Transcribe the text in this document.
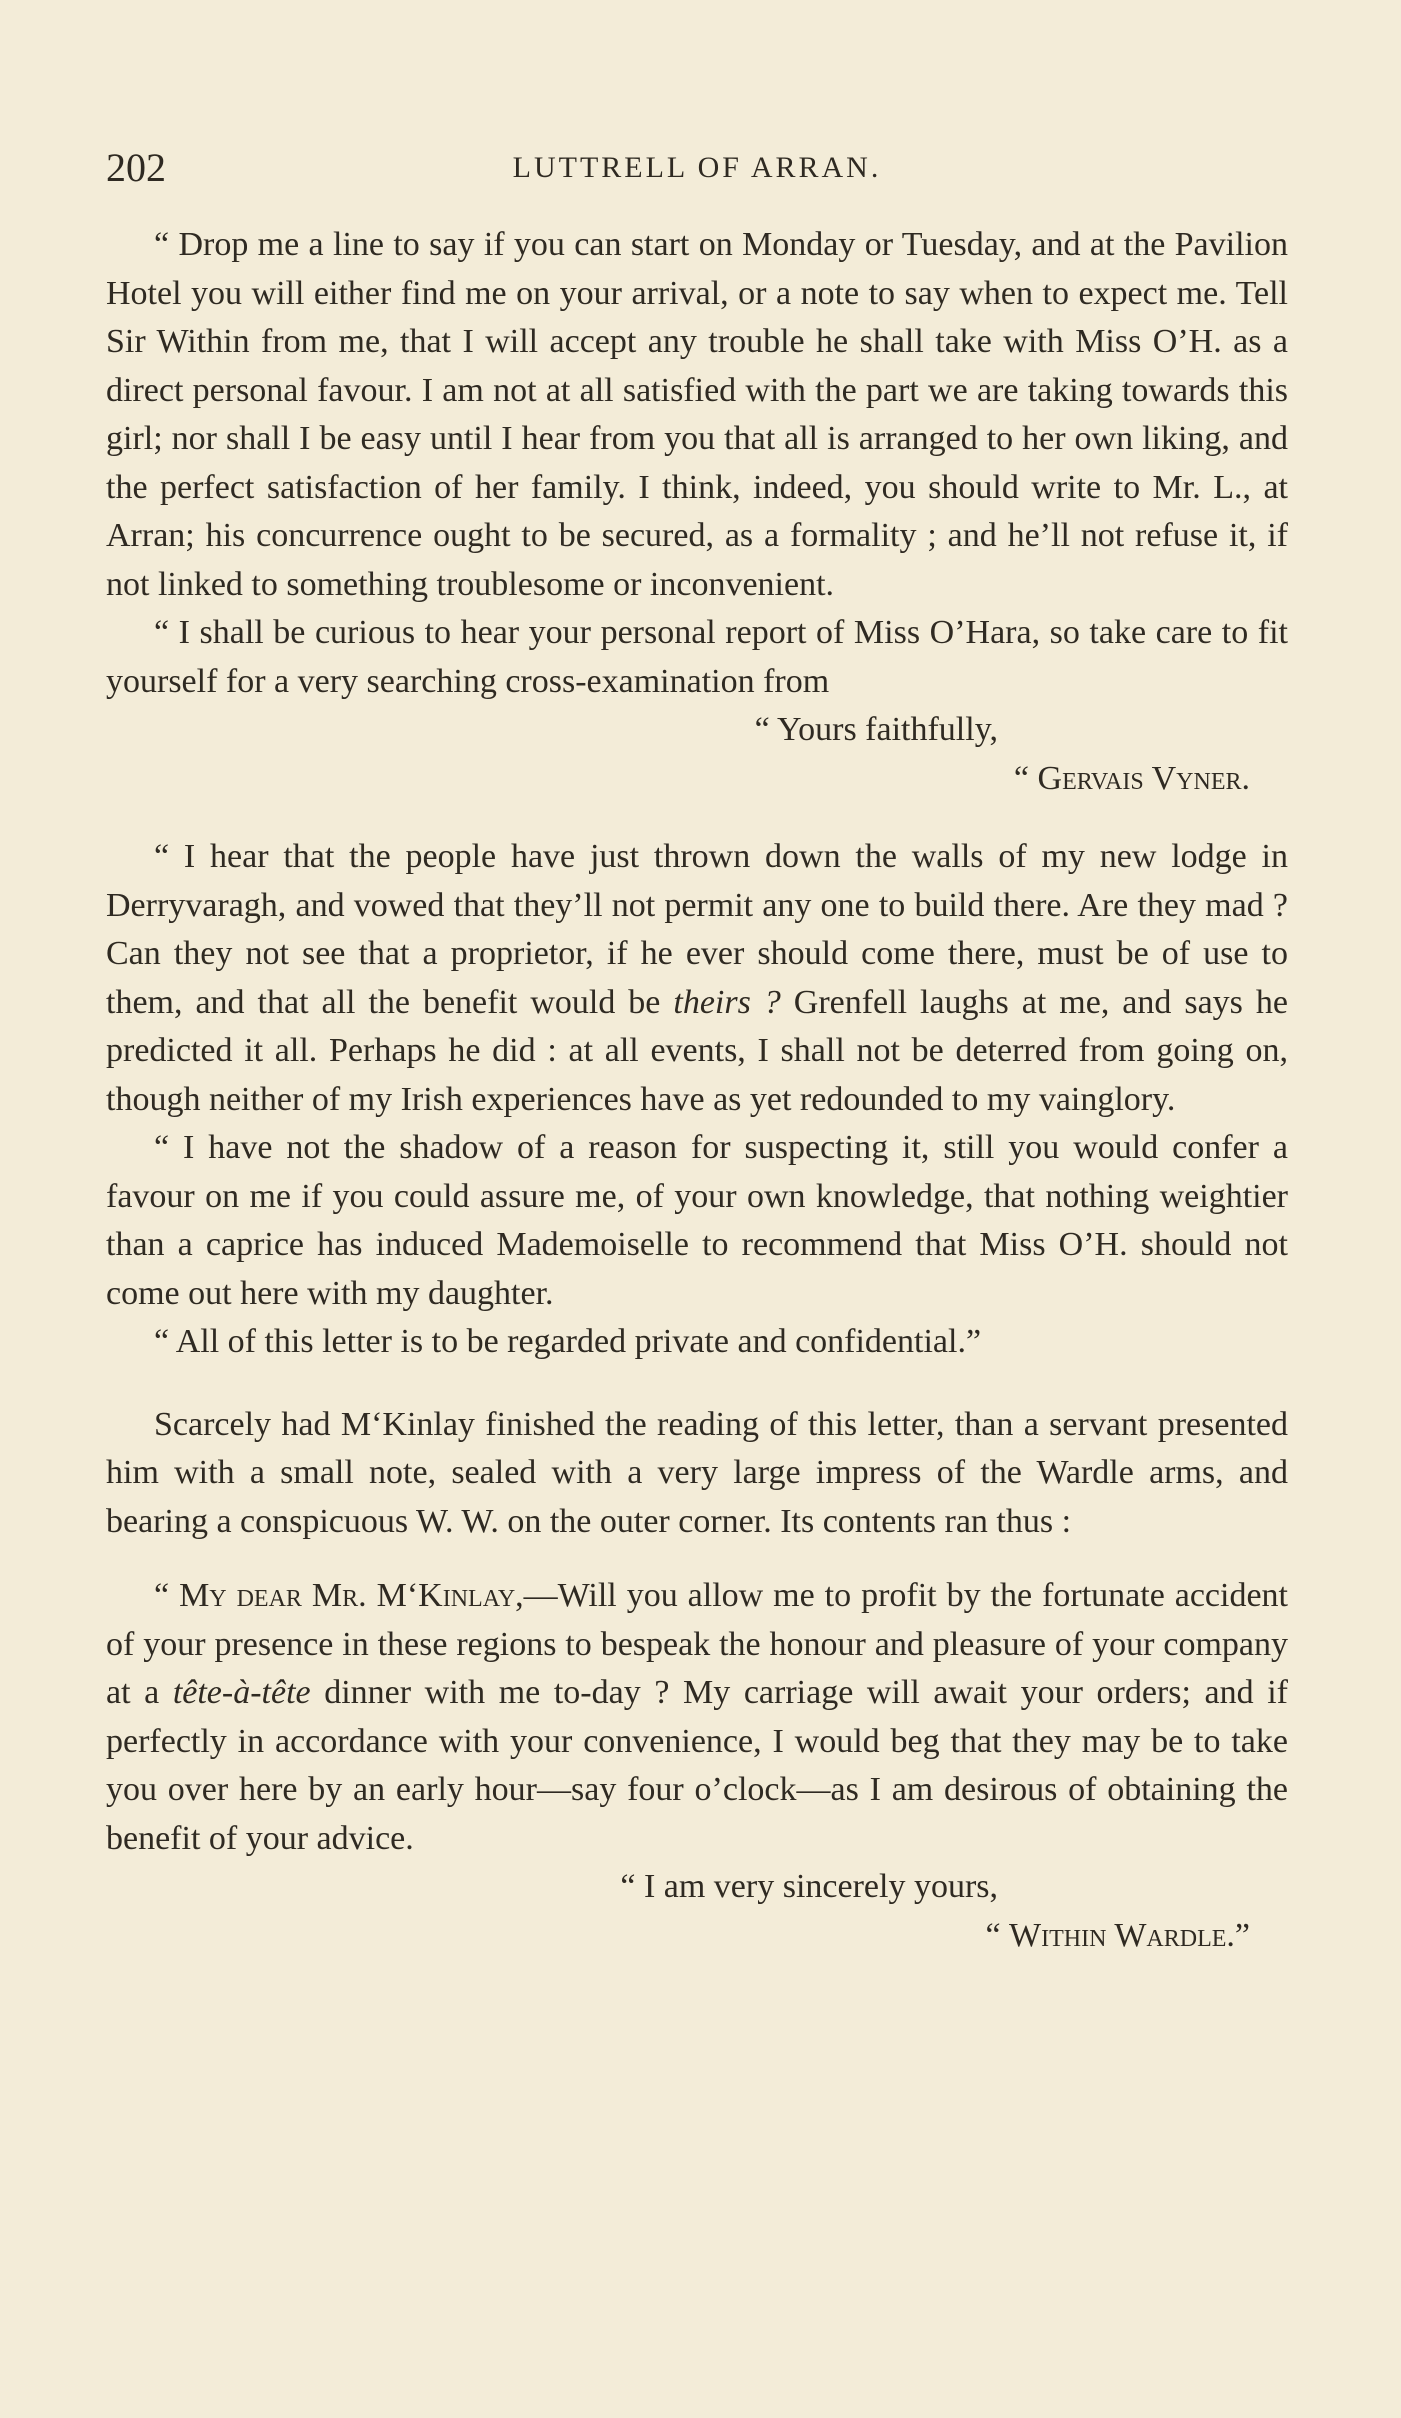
202	LUTTRELL OF ARRAN.

“ Drop me a line to say if you can start on Monday or Tuesday, and at the Pavilion Hotel you will either find me on your arrival, or a note to say when to expect me. Tell Sir Within from me, that I will accept any trouble he shall take with Miss O’H. as a direct personal favour. I am not at all satisfied with the part we are taking towards this girl; nor shall I be easy until I hear from you that all is arranged to her own liking, and the perfect satisfaction of her family. I think, indeed, you should write to Mr. L., at Arran; his concurrence ought to be secured, as a formality ; and he’ll not refuse it, if not linked to something troublesome or inconvenient.

“ I shall be curious to hear your personal report of Miss O’Hara, so take care to fit yourself for a very searching cross-examination from

“ Yours faithfully,

“ Gervais Vyner.

“ I hear that the people have just thrown down the walls of my new lodge in Derryvaragh, and vowed that they’ll not permit any one to build there. Are they mad ? Can they not see that a proprietor, if he ever should come there, must be of use to them, and that all the benefit would be theirs ? Grenfell laughs at me, and says he predicted it all. Perhaps he did : at all events, I shall not be deterred from going on, though neither of my Irish experiences have as yet redounded to my vainglory.

“ I have not the shadow of a reason for suspecting it, still you would confer a favour on me if you could assure me, of your own knowledge, that nothing weightier than a caprice has induced Mademoiselle to recommend that Miss O’H. should not come out here with my daughter.

“ All of this letter is to be regarded private and confidential.”

Scarcely had M‘Kinlay finished the reading of this letter, than a servant presented him with a small note, sealed with a very large impress of the Wardle arms, and bearing a conspicuous W. W. on the outer corner. Its contents ran thus :

“ My dear Mr. M‘Kinlay,—Will you allow me to profit by the fortunate accident of your presence in these regions to bespeak the honour and pleasure of your company at a tête-à-tête dinner with me to-day ? My carriage will await your orders; and if perfectly in accordance with your convenience, I would beg that they may be to take you over here by an early hour—say four o’clock—as I am desirous of obtaining the benefit of your advice.

“ I am very sincerely yours,

“ Within Wardle.”
